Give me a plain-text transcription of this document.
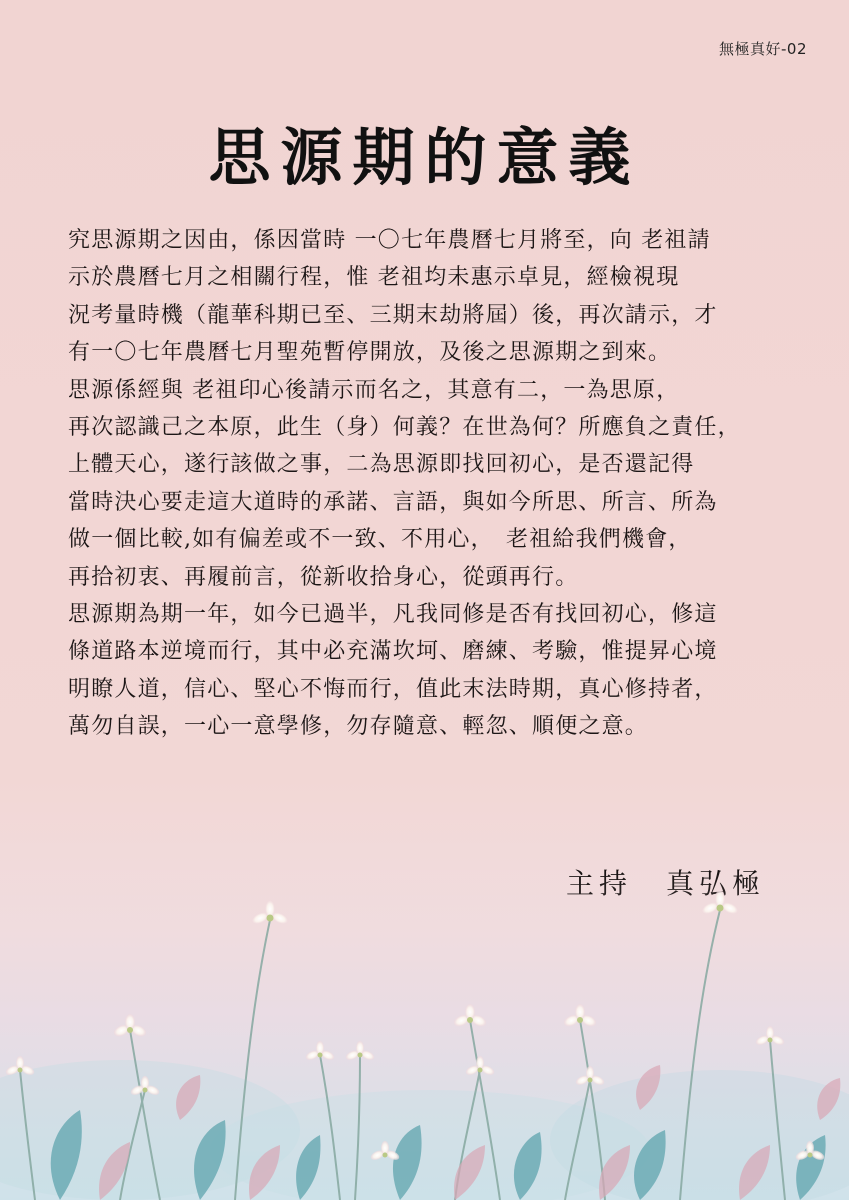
無極真好-02
思源期的意義
究思源期之因由，係因當時 一〇七年農曆七月將至，向 老祖請
示於農曆七月之相關行程，惟 老祖均未惠示卓見，經檢視現
況考量時機（龍華科期已至、三期末劫將屆）後，再次請示，才
有一〇七年農曆七月聖苑暫停開放，及後之思源期之到來。
思源係經與 老祖印心後請示而名之，其意有二，一為思原，
再次認識己之本原，此生（身）何義？在世為何？所應負之責任，
上體天心，遂行該做之事，二為思源即找回初心，是否還記得
當時決心要走這大道時的承諾、言語，與如今所思、所言、所為
做一個比較,如有偏差或不一致、不用心，　老祖給我們機會，
再拾初衷、再履前言，從新收拾身心，從頭再行。
思源期為期一年，如今已過半，凡我同修是否有找回初心，修這
條道路本逆境而行，其中必充滿坎坷、磨練、考驗，惟提昇心境
明瞭人道，信心、堅心不悔而行，值此末法時期，真心修持者，
萬勿自誤，一心一意學修，勿存隨意、輕忽、順便之意。
